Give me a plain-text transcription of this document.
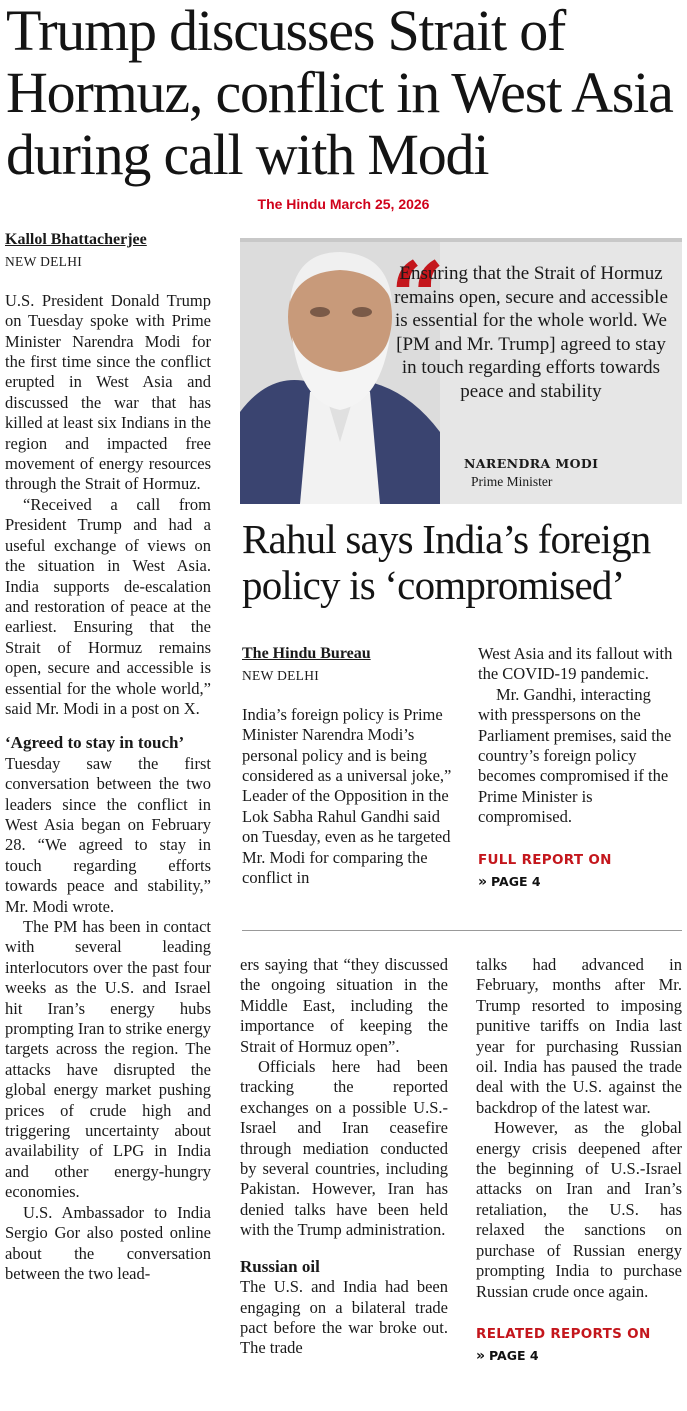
Trump discusses Strait of Hormuz, conflict in West Asia during call with Modi
The Hindu March 25, 2026
Kallol Bhattacherjee
NEW DELHI

U.S. President Donald Trump on Tuesday spoke with Prime Minister Narendra Modi for the first time since the conflict erupted in West Asia and discussed the war that has killed at least six Indians in the region and impacted free movement of energy resources through the Strait of Hormuz.

“Received a call from President Trump and had a useful exchange of views on the situation in West Asia. India supports de-escalation and restoration of peace at the earliest. Ensuring that the Strait of Hormuz remains open, secure and accessible is essential for the whole world,” said Mr. Modi in a post on X.

‘Agreed to stay in touch’

Tuesday saw the first conversation between the two leaders since the conflict in West Asia began on February 28. “We agreed to stay in touch regarding efforts towards peace and stability,” Mr. Modi wrote.

The PM has been in contact with several leading interlocutors over the past four weeks as the U.S. and Israel hit Iran’s energy hubs prompting Iran to strike energy targets across the region. The attacks have disrupted the global energy market pushing prices of crude high and triggering uncertainty about availability of LPG in India and other energy-hungry economies.

U.S. Ambassador to India Sergio Gor also posted online about the conversation between the two lead-

“
Ensuring that the Strait of Hormuz remains open, secure and accessible is essential for the whole world. We [PM and Mr. Trump] agreed to stay in touch regarding efforts towards peace and stability
NARENDRA MODI
Prime Minister
Rahul says India’s foreign policy is ‘compromised’
The Hindu Bureau
NEW DELHI

India’s foreign policy is Prime Minister Narendra Modi’s personal policy and is being considered as a universal joke,” Leader of the Opposition in the Lok Sabha Rahul Gandhi said on Tuesday, even as he targeted Mr. Modi for comparing the conflict in

West Asia and its fallout with the COVID-19 pandemic.

Mr. Gandhi, interacting with presspersons on the Parliament premises, said the country’s foreign policy becomes compromised if the Prime Minister is compromised.

FULL REPORT ON
» PAGE 4

ers saying that “they discussed the ongoing situation in the Middle East, including the importance of keeping the Strait of Hormuz open”.

Officials here had been tracking the reported exchanges on a possible U.S.-Israel and Iran ceasefire through mediation conducted by several countries, including Pakistan. However, Iran has denied talks have been held with the Trump administration.

Russian oil

The U.S. and India had been engaging on a bilateral trade pact before the war broke out. The trade

talks had advanced in February, months after Mr. Trump resorted to imposing punitive tariffs on India last year for purchasing Russian oil. India has paused the trade deal with the U.S. against the backdrop of the latest war.

However, as the global energy crisis deepened after the beginning of U.S.-Israel attacks on Iran and Iran’s retaliation, the U.S. has relaxed the sanctions on purchase of Russian energy prompting India to purchase Russian crude once again.

RELATED REPORTS ON
» PAGE 4
